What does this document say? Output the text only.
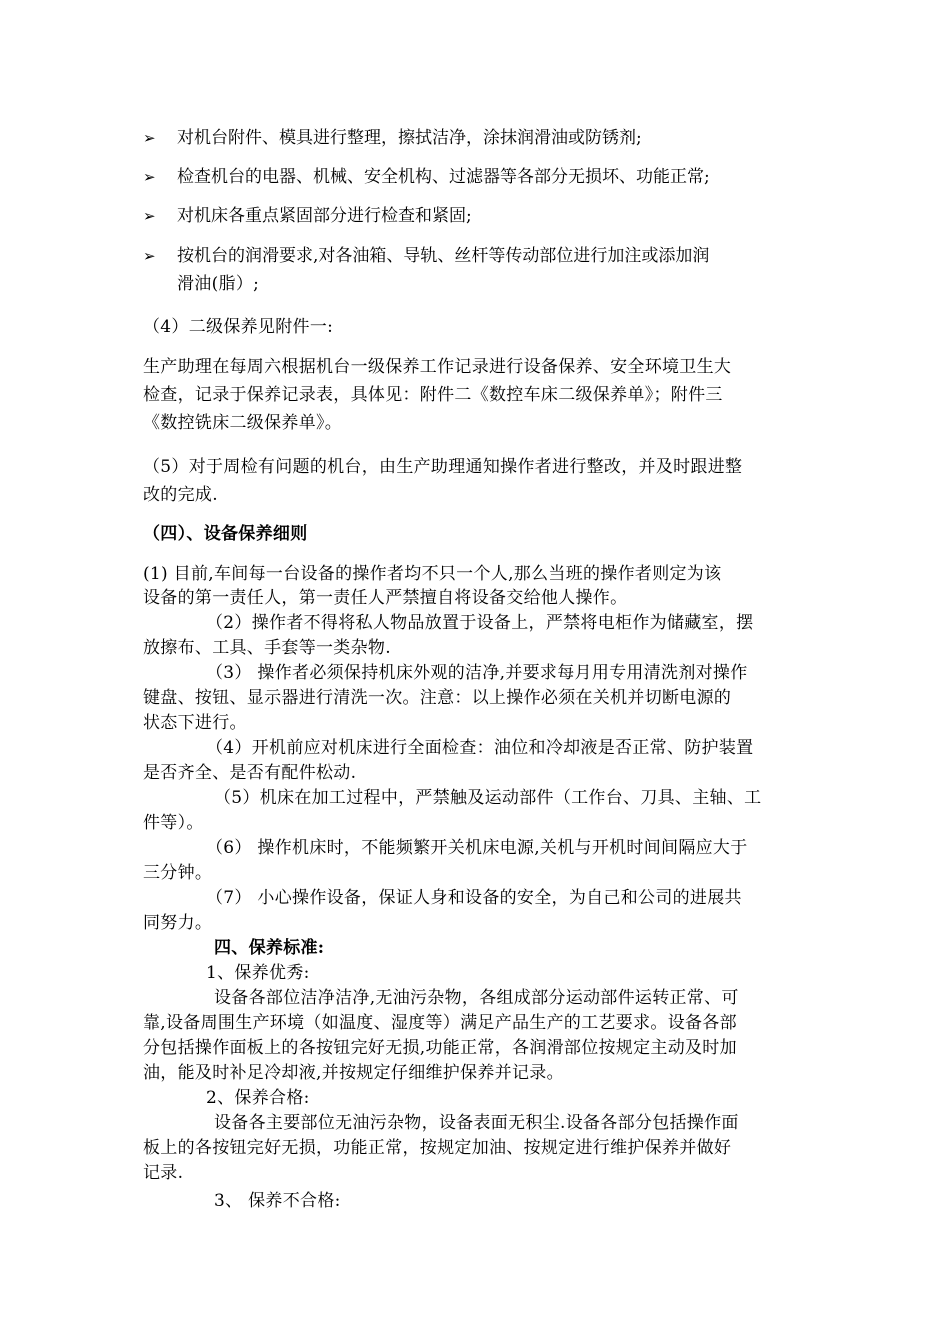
➢	对机台附件、模具进行整理，擦拭洁净，涂抹润滑油或防锈剂;
➢	检查机台的电器、机械、安全机构、过滤器等各部分无损坏、功能正常;
➢	对机床各重点紧固部分进行检查和紧固;
➢	按机台的润滑要求,对各油箱、导轨、丝杆等传动部位进行加注或添加润
滑油(脂）;
（4）二级保养见附件一:
生产助理在每周六根据机台一级保养工作记录进行设备保养、安全环境卫生大
检查，记录于保养记录表，具体见：附件二《数控车床二级保养单》；附件三
《数控铣床二级保养单》。
（5）对于周检有问题的机台，由生产助理通知操作者进行整改，并及时跟进整
改的完成.
（四）、设备保养细则
(1) 目前,车间每一台设备的操作者均不只一个人,那么当班的操作者则定为该
设备的第一责任人，第一责任人严禁擅自将设备交给他人操作。
（2）操作者不得将私人物品放置于设备上，严禁将电柜作为储藏室，摆
放擦布、工具、手套等一类杂物.
（3） 操作者必须保持机床外观的洁净,并要求每月用专用清洗剂对操作
键盘、按钮、显示器进行清洗一次。注意：以上操作必须在关机并切断电源的
状态下进行。
（4）开机前应对机床进行全面检查：油位和冷却液是否正常、防护装置
是否齐全、是否有配件松动.
（5）机床在加工过程中，严禁触及运动部件（工作台、刀具、主轴、工
件等）。
（6） 操作机床时，不能频繁开关机床电源,关机与开机时间间隔应大于
三分钟。
（7） 小心操作设备，保证人身和设备的安全，为自己和公司的进展共
同努力。
四、保养标准:
1、保养优秀:
设备各部位洁净洁净,无油污杂物，各组成部分运动部件运转正常、可
靠,设备周围生产环境（如温度、湿度等）满足产品生产的工艺要求。设备各部
分包括操作面板上的各按钮完好无损,功能正常，各润滑部位按规定主动及时加
油，能及时补足冷却液,并按规定仔细维护保养并记录。
2、保养合格:
设备各主要部位无油污杂物，设备表面无积尘.设备各部分包括操作面
板上的各按钮完好无损，功能正常，按规定加油、按规定进行维护保养并做好
记录.
3、 保养不合格:
